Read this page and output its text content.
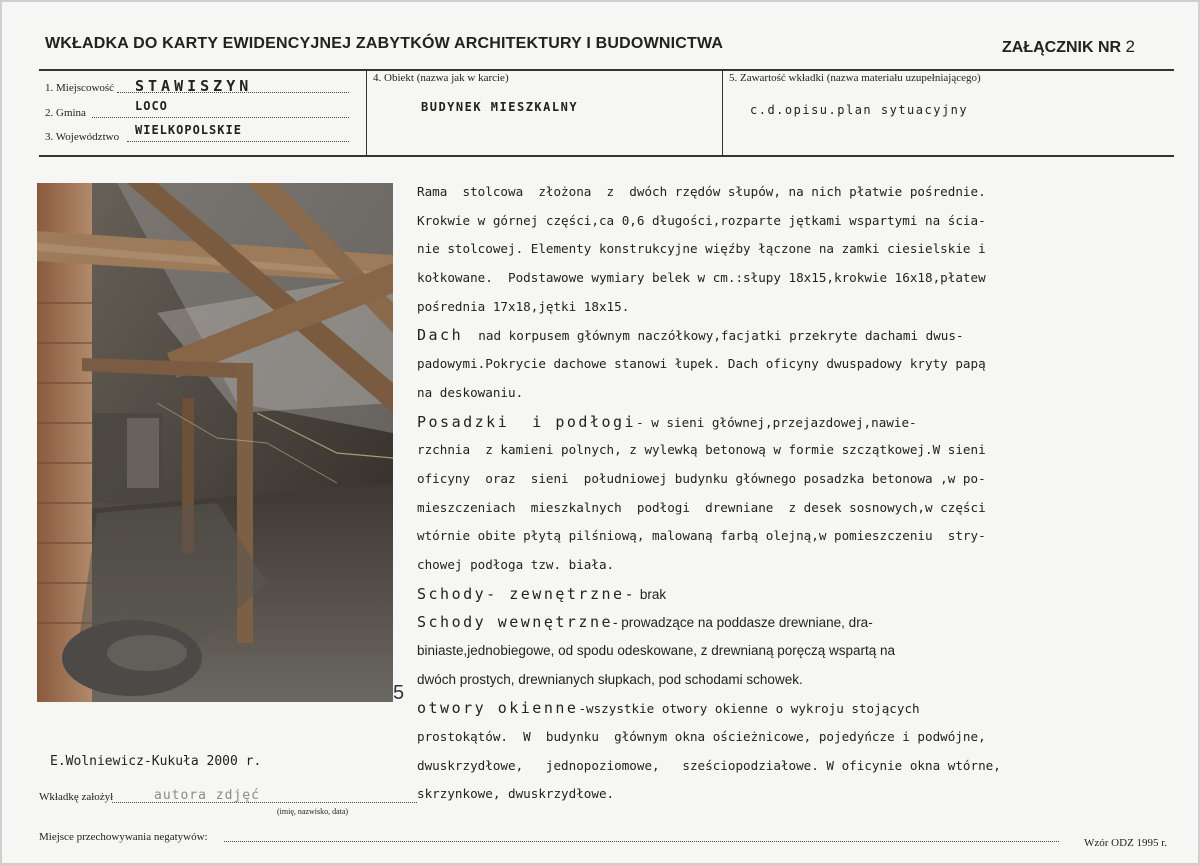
WKŁADKA DO KARTY EWIDENCYJNEJ ZABYTKÓW ARCHITEKTURY I BUDOWNICTWA	ZAŁĄCZNIK NR 2
1. Miejscowość STAWISZYN
2. Gmina	LOCO
3. Województwo WIELKOPOLSKIE
4. Obiekt (nazwa jak w karcie)
BUDYNEK MIESZKALNY
5. Zawartość wkładki (nazwa materiału uzupełniającego)
c.d.opisu.plan sytuacyjny
5
E.Wolniewicz-Kukuła 2000 r.
Rama  stolcowa  złożona  z  dwóch rzędów słupów, na nich płatwie pośrednie.
Krokwie w górnej części,ca 0,6 długości,rozparte jętkami wspartymi na ścia-
nie stolcowej. Elementy konstrukcyjne więźby łączone na zamki ciesielskie i
kołkowane.  Podstawowe wymiary belek w cm.:słupy 18x15,krokwie 16x18,płatew
pośrednia 17x18,jętki 18x15.
Dach  nad korpusem głównym naczółkowy,facjatki przekryte dachami dwus-
padowymi.Pokrycie dachowe stanowi łupek. Dach oficyny dwuspadowy kryty papą
na deskowaniu.
Posadzki  i podłogi- w sieni głównej,przejazdowej,nawie-
rzchnia  z kamieni polnych, z wylewką betonową w formie szczątkowej.W sieni
oficyny  oraz  sieni  południowej budynku głównego posadzka betonowa ,w po-
mieszczeniach  mieszkalnych  podłogi  drewniane  z desek sosnowych,w części
wtórnie obite płytą pilśniową, malowaną farbą olejną,w pomieszczeniu  stry-
chowej podłoga tzw. biała.
Schody- zewnętrzne- brak
Schody wewnętrzne- prowadzące na poddasze drewniane, dra-
biniaste,jednobiegowe, od spodu odeskowane, z drewnianą poręczą wspartą na
dwóch prostych, drewnianych słupkach, pod schodami schowek.
otwory okienne-wszystkie otwory okienne o wykroju stojących
prostokątów.  W  budynku  głównym okna ościeżnicowe, pojedyńcze i podwójne,
dwuskrzydłowe,   jednopoziomowe,   sześciopodziałowe. W oficynie okna wtórne,
skrzynkowe, dwuskrzydłowe.
Wkładkę założył	autora zdjęć
(imię, nazwisko, data)
Miejsce przechowywania negatywów:	Wzór ODZ 1995 r.
